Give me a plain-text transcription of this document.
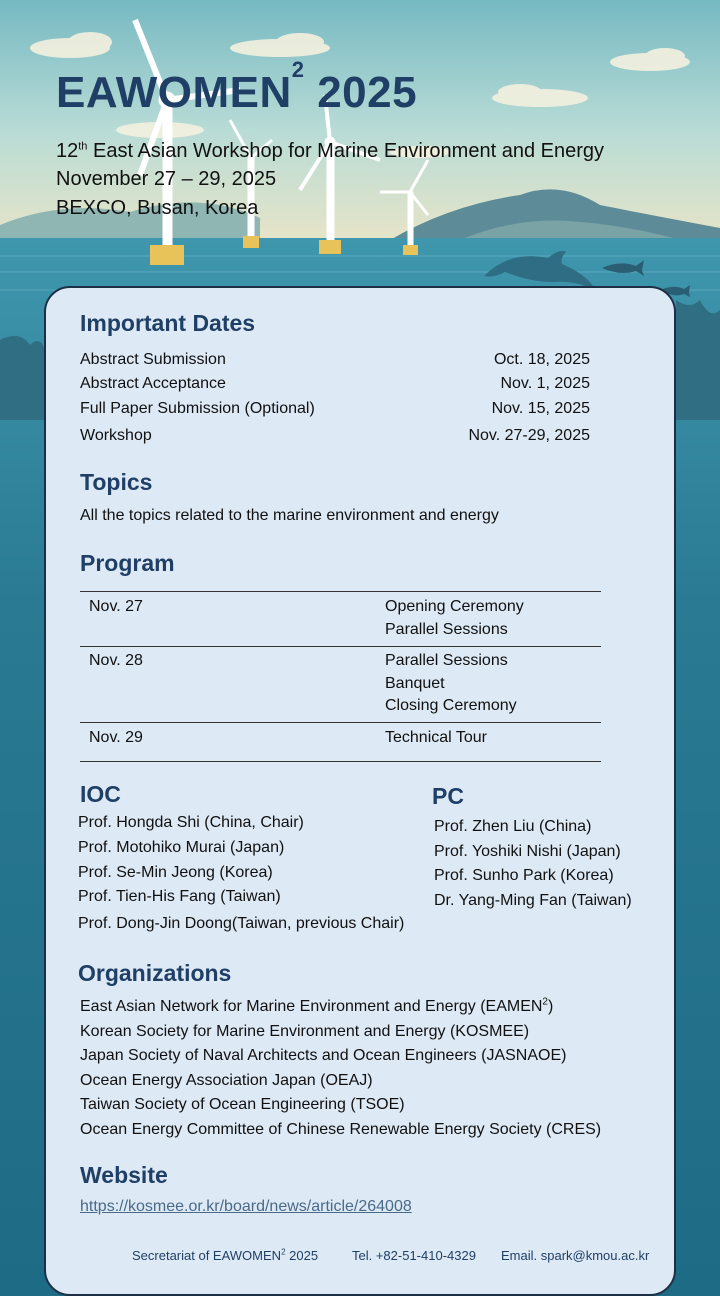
EAWOMEN$^2$ 2025
12th East Asian Workshop for Marine Environment and Energy
November 27 – 29, 2025
BEXCO, Busan, Korea
Important Dates
Abstract Submission	Oct. 18, 2025
Abstract Acceptance	Nov. 1, 2025
Full Paper Submission (Optional)	Nov. 15, 2025
Workshop	Nov. 27-29, 2025
Topics
All the topics related to the marine environment and energy
Program
Nov. 27	Opening Ceremony
Parallel Sessions
Nov. 28	Parallel Sessions
Banquet
Closing Ceremony
Nov. 29	Technical Tour
IOC
Prof. Hongda Shi (China, Chair)
Prof. Motohiko Murai (Japan)
Prof. Se-Min Jeong (Korea)
Prof. Tien-His Fang (Taiwan)
Prof. Dong-Jin Doong(Taiwan, previous Chair)
PC
Prof. Zhen Liu (China)
Prof. Yoshiki Nishi (Japan)
Prof. Sunho Park (Korea)
Dr. Yang-Ming Fan (Taiwan)
Organizations
East Asian Network for Marine Environment and Energy (EAMEN$^2$)
Korean Society for Marine Environment and Energy (KOSMEE)
Japan Society of Naval Architects and Ocean Engineers (JASNAOE)
Ocean Energy Association Japan (OEAJ)
Taiwan Society of Ocean Engineering (TSOE)
Ocean Energy Committee of Chinese Renewable Energy Society (CRES)
Website
https://kosmee.or.kr/board/news/article/264008
Secretariat of EAWOMEN$^2$ 2025	Tel. +82-51-410-4329 Email. spark@kmou.ac.kr
